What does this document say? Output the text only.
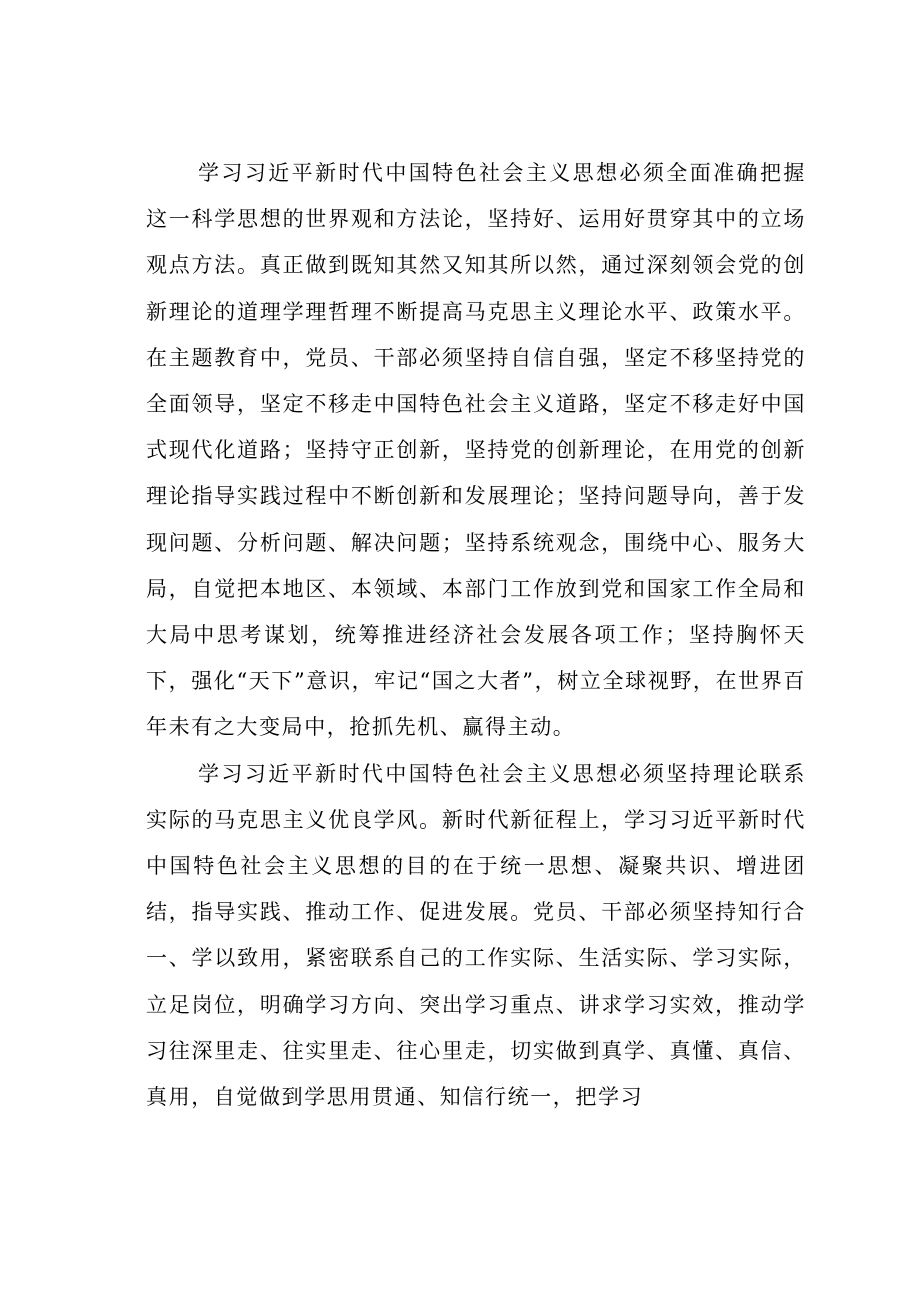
学习习近平新时代中国特色社会主义思想必须全面准确把握这一科学思想的世界观和方法论，坚持好、运用好贯穿其中的立场观点方法。真正做到既知其然又知其所以然，通过深刻领会党的创新理论的道理学理哲理不断提高马克思主义理论水平、政策水平。在主题教育中，党员、干部必须坚持自信自强，坚定不移坚持党的全面领导，坚定不移走中国特色社会主义道路，坚定不移走好中国式现代化道路；坚持守正创新，坚持党的创新理论，在用党的创新理论指导实践过程中不断创新和发展理论；坚持问题导向，善于发现问题、分析问题、解决问题；坚持系统观念，围绕中心、服务大局，自觉把本地区、本领域、本部门工作放到党和国家工作全局和大局中思考谋划，统筹推进经济社会发展各项工作；坚持胸怀天下，强化“天下”意识，牢记“国之大者”，树立全球视野，在世界百年未有之大变局中，抢抓先机、赢得主动。

学习习近平新时代中国特色社会主义思想必须坚持理论联系实际的马克思主义优良学风。新时代新征程上，学习习近平新时代中国特色社会主义思想的目的在于统一思想、凝聚共识、增进团结，指导实践、推动工作、促进发展。党员、干部必须坚持知行合一、学以致用，紧密联系自己的工作实际、生活实际、学习实际，立足岗位，明确学习方向、突出学习重点、讲求学习实效，推动学习往深里走、往实里走、往心里走，切实做到真学、真懂、真信、真用，自觉做到学思用贯通、知信行统一，把学习
